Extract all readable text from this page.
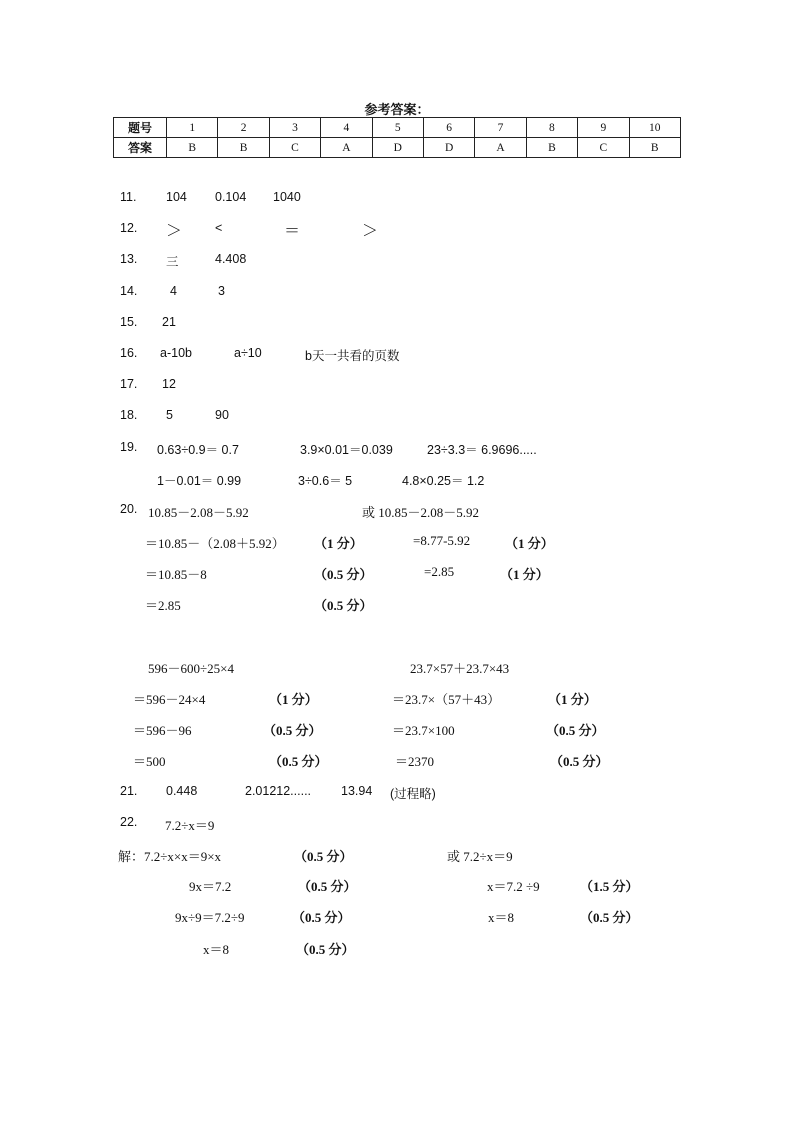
参考答案：
题号	1	2	3	4	5	6	7	8	9	10
答案	B	B	C	A	D	D	A	B	C	B
11. 104 0.104 1040
12. ＞	<	＝	＞
13. 三	4.408
14.	4	3
15. 21
16. a-10b	a÷10	b天一共看的页数
17. 12
18. 5	90
19. 0.63÷0.9＝ 0.7	3.9×0.01＝0.039	23÷3.3＝ 6.9696.....
1－0.01＝ 0.99	3÷0.6＝ 5	4.8×0.25＝ 1.2
20. 10.85－2.08－5.92	或 10.85－2.08－5.92
＝10.85－（2.08＋5.92） （1 分）	=8.77-5.92	（1 分）
＝10.85－8	（0.5 分）	=2.85	（1 分）
＝2.85	（0.5 分）
596－600÷25×4	23.7×57＋23.7×43
＝596－24×4	（1 分）	＝23.7×（57＋43）	（1 分）
＝596－96	（0.5 分）	＝23.7×100	（0.5 分）
＝500	（0.5 分）	＝2370	（0.5 分）
21. 0.448	2.01212...... 13.94 (过程略)
22. 7.2÷x＝9
解：7.2÷x×x＝9×x	（0.5 分）	或 7.2÷x＝9
9x＝7.2	（0.5 分）	x＝7.2 ÷9	（1.5 分）
9x÷9＝7.2÷9	（0.5 分）	x＝8	（0.5 分）
x＝8	（0.5 分）
